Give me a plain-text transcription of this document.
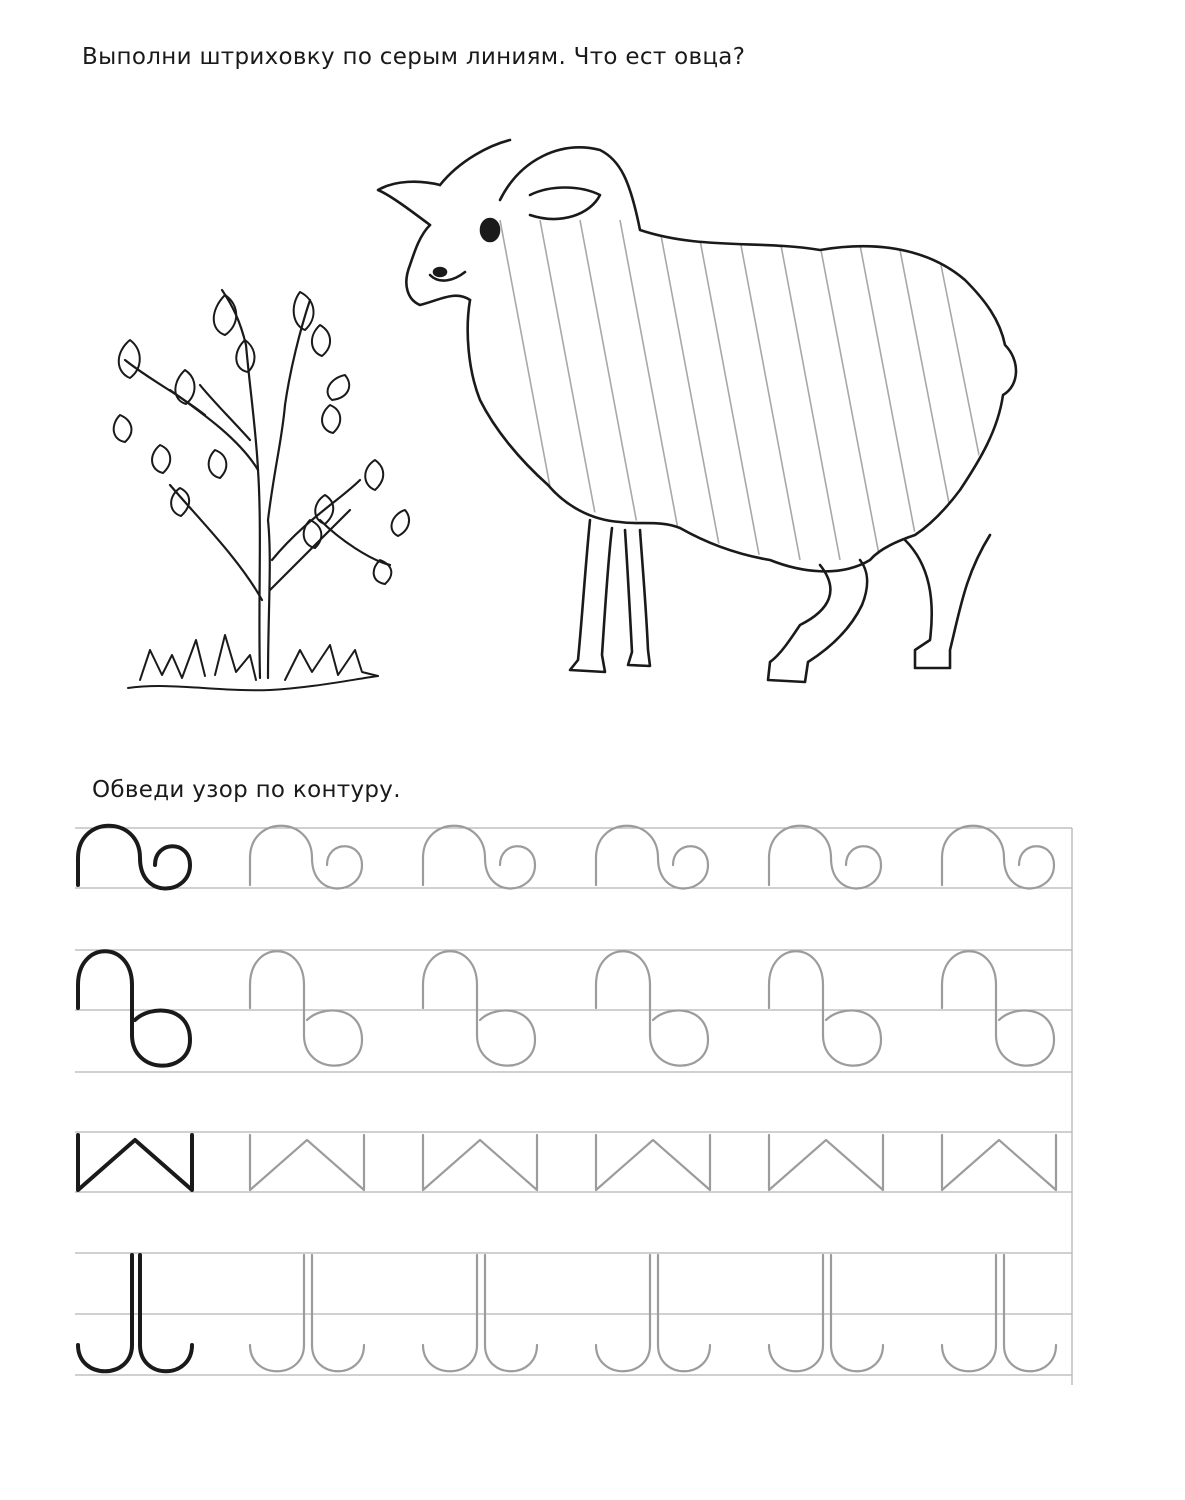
Выполни штриховку по серым линиям. Что ест овца?
Обведи узор по контуру.
